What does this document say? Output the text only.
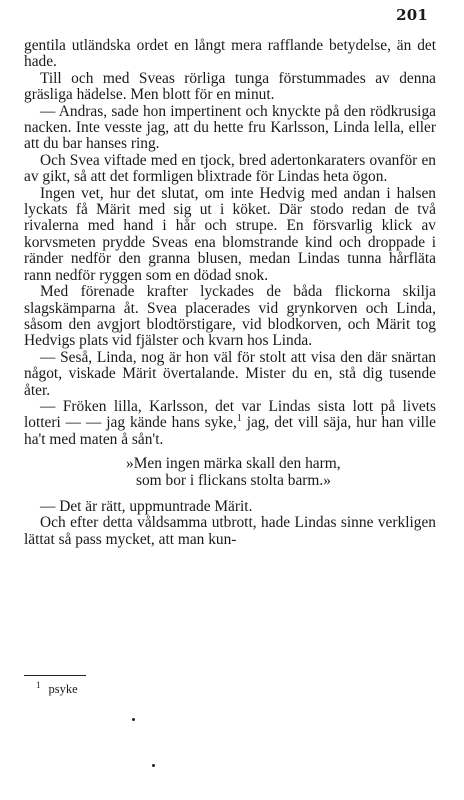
201

gentila utländska ordet en långt mera rafflande betydelse, än det hade.

Till och med Sveas rörliga tunga förstummades av denna gräsliga hädelse. Men blott för en minut.

— Andras, sade hon impertinent och knyckte på den rödkrusiga nacken. Inte vesste jag, att du hette fru Karlsson, Linda lella, eller att du bar hanses ring.

Och Svea viftade med en tjock, bred adertonkaraters ovanför en av gikt, så att det formligen blixtrade för Lindas heta ögon.

Ingen vet, hur det slutat, om inte Hedvig med andan i halsen lyckats få Märit med sig ut i köket. Där stodo redan de två rivalerna med hand i hår och strupe. En försvarlig klick av korvsmeten prydde Sveas ena blomstrande kind och droppade i ränder nedför den granna blusen, medan Lindas tunna hårfläta rann nedför ryggen som en dödad snok.

Med förenade krafter lyckades de båda flickorna skilja slagskämparna åt. Svea placerades vid grynkorven och Linda, såsom den avgjort blodtörstigare, vid blodkorven, och Märit tog Hedvigs plats vid fjälster och kvarn hos Linda.

— Seså, Linda, nog är hon väl för stolt att visa den där snärtan något, viskade Märit övertalande. Mister du en, stå dig tusende åter.

— Fröken lilla, Karlsson, det var Lindas sista lott på livets lotteri — — jag kände hans syke,$^1$ jag, det vill säja, hur han ville ha't med maten å sån't.

»Men ingen märka skall den harm,
som bor i flickans stolta barm.»

— Det är rätt, uppmuntrade Märit.

Och efter detta våldsamma utbrott, hade Lindas sinne verkligen lättat så pass mycket, att man kun-

$^1$ psyke
